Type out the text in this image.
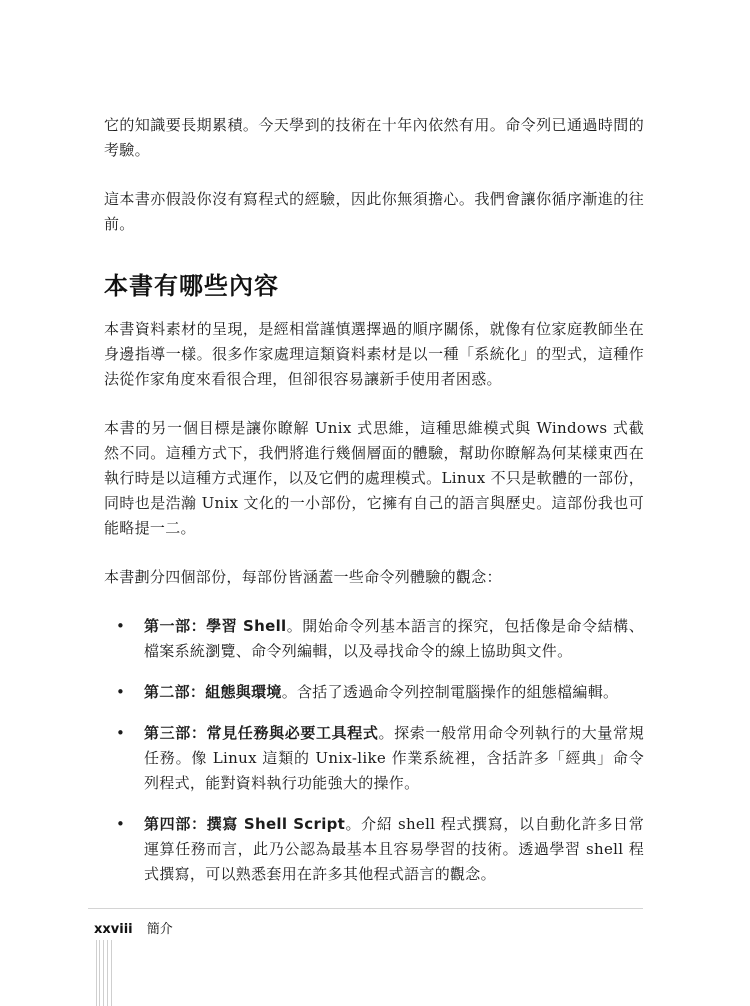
它的知識要長期累積。今天學到的技術在十年內依然有用。命令列已通過時間的考驗。

這本書亦假設你沒有寫程式的經驗，因此你無須擔心。我們會讓你循序漸進的往前。

本書有哪些內容

本書資料素材的呈現，是經相當謹慎選擇過的順序關係，就像有位家庭教師坐在身邊指導一樣。很多作家處理這類資料素材是以一種「系統化」的型式，這種作法從作家角度來看很合理，但卻很容易讓新手使用者困惑。

本書的另一個目標是讓你瞭解 Unix 式思維，這種思維模式與 Windows 式截然不同。這種方式下，我們將進行幾個層面的體驗，幫助你瞭解為何某樣東西在執行時是以這種方式運作，以及它們的處理模式。Linux 不只是軟體的一部份，同時也是浩瀚 Unix 文化的一小部份，它擁有自己的語言與歷史。這部份我也可能略提一二。

本書劃分四個部份，每部份皆涵蓋一些命令列體驗的觀念：

• 第一部：學習 Shell。開始命令列基本語言的探究，包括像是命令結構、檔案系統瀏覽、命令列編輯，以及尋找命令的線上協助與文件。
• 第二部：組態與環境。含括了透過命令列控制電腦操作的組態檔編輯。
• 第三部：常見任務與必要工具程式。探索一般常用命令列執行的大量常規任務。像 Linux 這類的 Unix-like 作業系統裡，含括許多「經典」命令列程式，能對資料執行功能強大的操作。
• 第四部：撰寫 Shell Script。介紹 shell 程式撰寫，以自動化許多日常運算任務而言，此乃公認為最基本且容易學習的技術。透過學習 shell 程式撰寫，可以熟悉套用在許多其他程式語言的觀念。
xxviii 簡介
